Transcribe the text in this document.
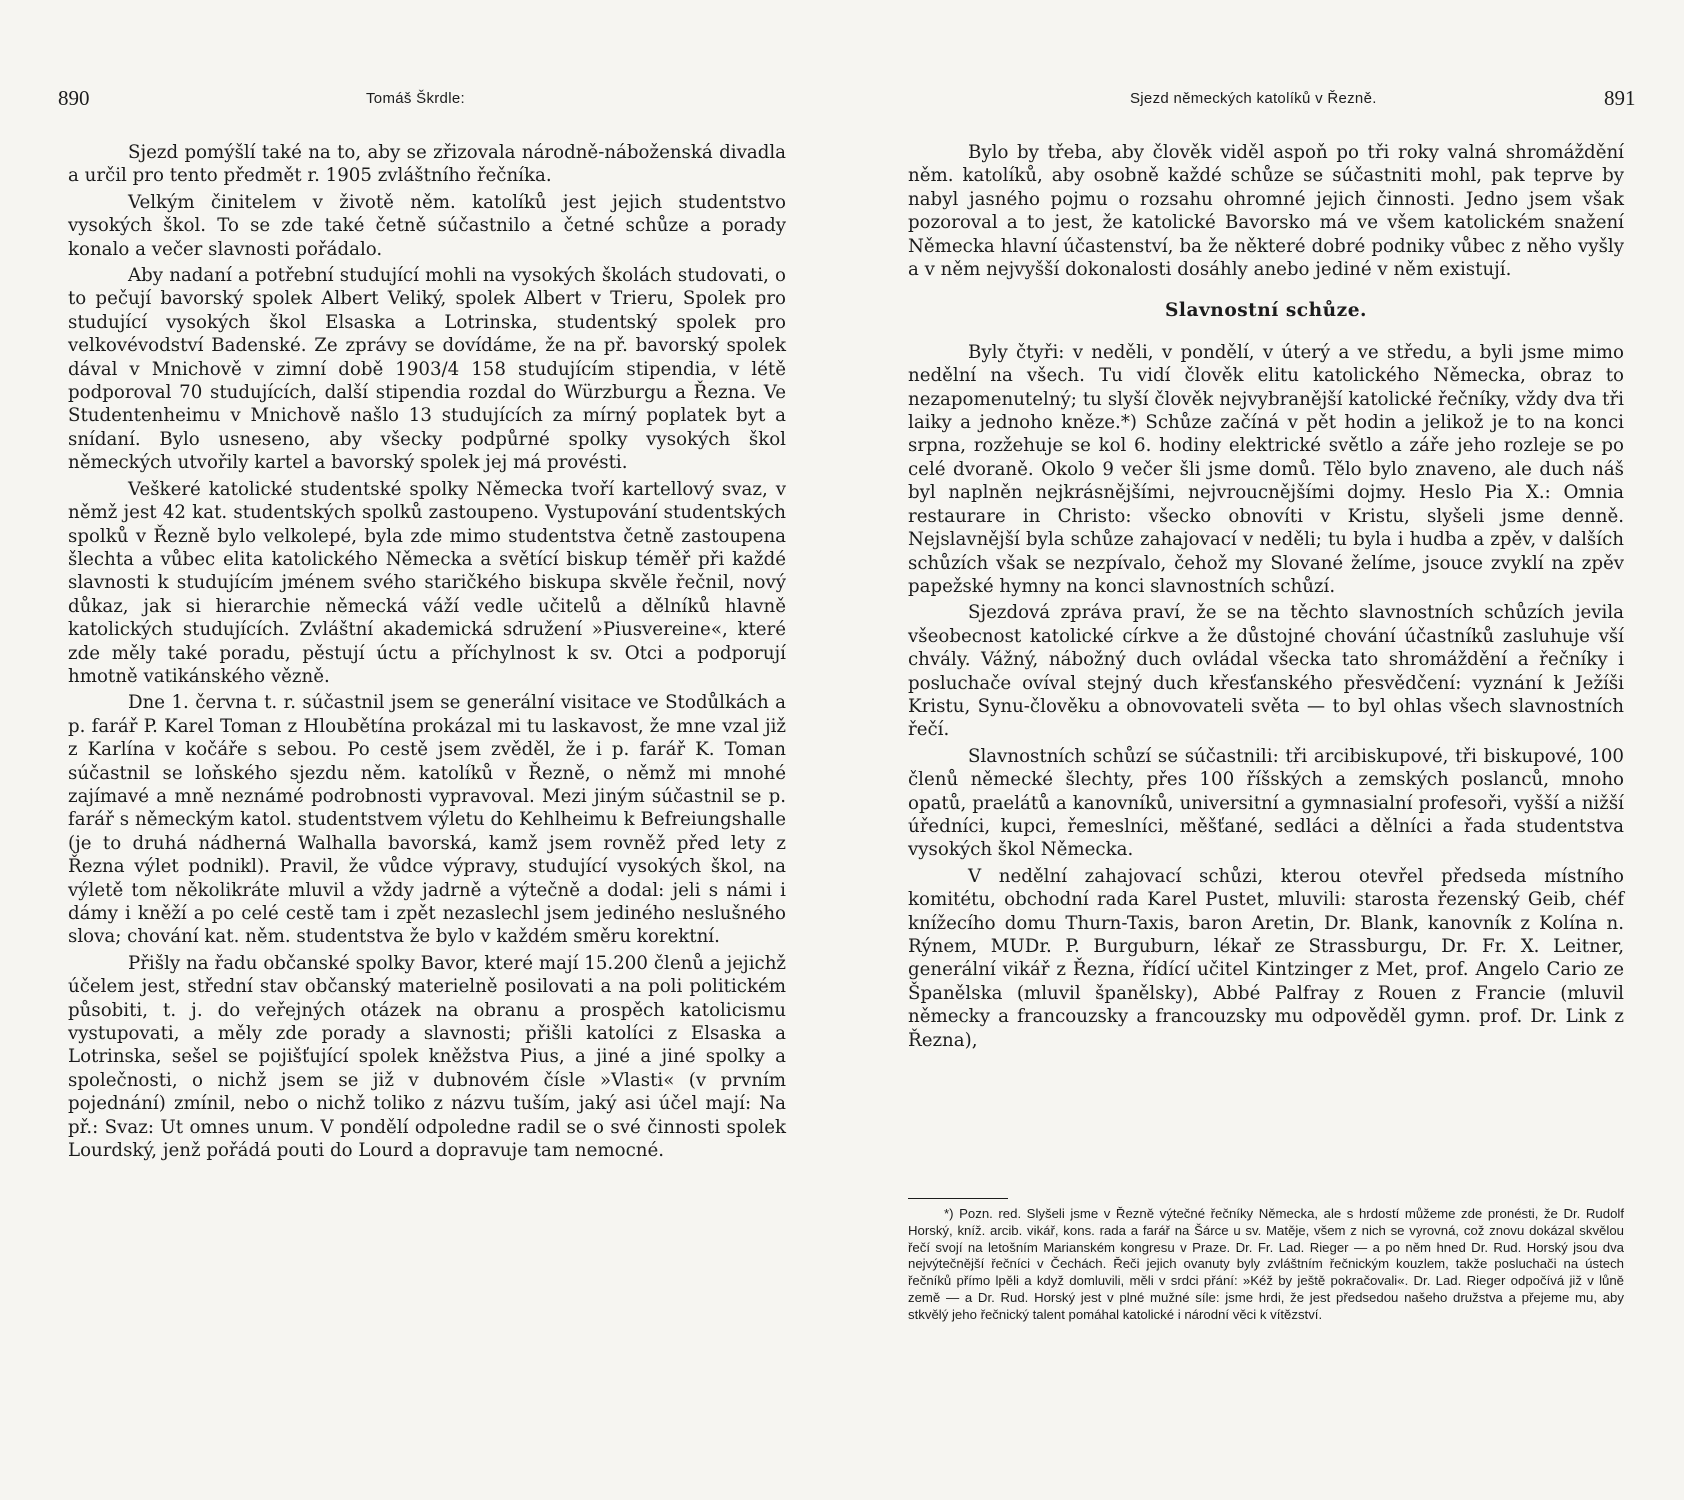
890	Tomáš Škrdle:

Sjezd pomýšlí také na to, aby se zřizovala národně-náboženská divadla a určil pro tento předmět r. 1905 zvláštního řečníka.

Velkým činitelem v životě něm. katolíků jest jejich studentstvo vysokých škol. To se zde také četně súčastnilo a četné schůze a porady konalo a večer slavnosti pořádalo.

Aby nadaní a potřební studující mohli na vysokých školách studovati, o to pečují bavorský spolek Albert Veliký, spolek Albert v Trieru, Spolek pro studující vysokých škol Elsaska a Lotrinska, studentský spolek pro velkovévodství Badenské. Ze zprávy se dovídáme, že na př. bavorský spolek dával v Mnichově v zimní době 1903/4 158 studujícím stipendia, v létě podporoval 70 studujících, další stipendia rozdal do Würzburgu a Řezna. Ve Studentenheimu v Mnichově našlo 13 studujících za mírný poplatek byt a snídaní. Bylo usneseno, aby všecky podpůrné spolky vysokých škol německých utvořily kartel a bavorský spolek jej má provésti.

Veškeré katolické studentské spolky Německa tvoří kartellový svaz, v němž jest 42 kat. studentských spolků zastoupeno. Vystupování studentských spolků v Řezně bylo velkolepé, byla zde mimo studentstva četně zastoupena šlechta a vůbec elita katolického Německa a světící biskup téměř při každé slavnosti k studujícím jménem svého staričkého biskupa skvěle řečnil, nový důkaz, jak si hierarchie německá váží vedle učitelů a dělníků hlavně katolických studujících. Zvláštní akademická sdružení »Piusvereine«, které zde měly také poradu, pěstují úctu a příchylnost k sv. Otci a podporují hmotně vatikánského vězně.

Dne 1. června t. r. súčastnil jsem se generální visitace ve Stodůlkách a p. farář P. Karel Toman z Hloubětína prokázal mi tu laskavost, že mne vzal již z Karlína v kočáře s sebou. Po cestě jsem zvěděl, že i p. farář K. Toman súčastnil se loňského sjezdu něm. katolíků v Řezně, o němž mi mnohé zajímavé a mně neznámé podrobnosti vypravoval. Mezi jiným súčastnil se p. farář s německým katol. studentstvem výletu do Kehlheimu k Befreiungshalle (je to druhá nádherná Walhalla bavorská, kamž jsem rovněž před lety z Řezna výlet podnikl). Pravil, že vůdce výpravy, studující vysokých škol, na výletě tom několikráte mluvil a vždy jadrně a výtečně a dodal: jeli s námi i dámy i kněží a po celé cestě tam i zpět nezaslechl jsem jediného neslušného slova; chování kat. něm. studentstva že bylo v každém směru korektní.

Přišly na řadu občanské spolky Bavor, které mají 15.200 členů a jejichž účelem jest, střední stav občanský materielně posilovati a na poli politickém působiti, t. j. do veřejných otázek na obranu a prospěch katolicismu vystupovati, a měly zde porady a slavnosti; přišli katolíci z Elsaska a Lotrinska, sešel se pojišťující spolek kněžstva Pius, a jiné a jiné spolky a společnosti, o nichž jsem se již v dubnovém čísle »Vlasti« (v prvním pojednání) zmínil, nebo o nichž toliko z názvu tuším, jaký asi účel mají: Na př.: Svaz: Ut omnes unum. V pondělí odpoledne radil se o své činnosti spolek Lourdský, jenž pořádá pouti do Lourd a dopravuje tam nemocné.

Sjezd německých katolíků v Řezně.	891

Bylo by třeba, aby člověk viděl aspoň po tři roky valná shromáždění něm. katolíků, aby osobně každé schůze se súčastniti mohl, pak teprve by nabyl jasného pojmu o rozsahu ohromné jejich činnosti. Jedno jsem však pozoroval a to jest, že katolické Bavorsko má ve všem katolickém snažení Německa hlavní účastenství, ba že některé dobré podniky vůbec z něho vyšly a v něm nejvyšší dokonalosti dosáhly anebo jediné v něm existují.

Slavnostní schůze.

Byly čtyři: v neděli, v pondělí, v úterý a ve středu, a byli jsme mimo nedělní na všech. Tu vidí člověk elitu katolického Německa, obraz to nezapomenutelný; tu slyší člověk nejvybranější katolické řečníky, vždy dva tři laiky a jednoho kněze.*) Schůze začíná v pět hodin a jelikož je to na konci srpna, rozžehuje se kol 6. hodiny elektrické světlo a záře jeho rozleje se po celé dvoraně. Okolo 9 večer šli jsme domů. Tělo bylo znaveno, ale duch náš byl naplněn nejkrásnějšími, nejvroucnějšími dojmy. Heslo Pia X.: Omnia restaurare in Christo: všecko obnovíti v Kristu, slyšeli jsme denně. Nejslavnější byla schůze zahajovací v neděli; tu byla i hudba a zpěv, v dalších schůzích však se nezpívalo, čehož my Slované želíme, jsouce zvyklí na zpěv papežské hymny na konci slavnostních schůzí.

Sjezdová zpráva praví, že se na těchto slavnostních schůzích jevila všeobecnost katolické církve a že důstojné chování účastníků zasluhuje vší chvály. Vážný, nábožný duch ovládal všecka tato shromáždění a řečníky i posluchače ovíval stejný duch křesťanského přesvědčení: vyznání k Ježíši Kristu, Synu-člověku a obnovovateli světa — to byl ohlas všech slavnostních řečí.

Slavnostních schůzí se súčastnili: tři arcibiskupové, tři biskupové, 100 členů německé šlechty, přes 100 říšských a zemských poslanců, mnoho opatů, praelátů a kanovníků, universitní a gymnasialní profesoři, vyšší a nižší úředníci, kupci, řemeslníci, měšťané, sedláci a dělníci a řada studentstva vysokých škol Německa.

V nedělní zahajovací schůzi, kterou otevřel předseda místního komitétu, obchodní rada Karel Pustet, mluvili: starosta řezenský Geib, chéf knížecího domu Thurn-Taxis, baron Aretin, Dr. Blank, kanovník z Kolína n. Rýnem, MUDr. P. Burguburn, lékař ze Strassburgu, Dr. Fr. X. Leitner, generální vikář z Řezna, řídící učitel Kintzinger z Met, prof. Angelo Cario ze Španělska (mluvil španělsky), Abbé Palfray z Rouen z Francie (mluvil německy a francouzsky a francouzsky mu odpověděl gymn. prof. Dr. Link z Řezna),

*) Pozn. red. Slyšeli jsme v Řezně výtečné řečníky Německa, ale s hrdostí můžeme zde pronésti, že Dr. Rudolf Horský, kníž. arcib. vikář, kons. rada a farář na Šárce u sv. Matěje, všem z nich se vyrovná, což znovu dokázal skvělou řečí svojí na letošním Marianském kongresu v Praze. Dr. Fr. Lad. Rieger — a po něm hned Dr. Rud. Horský jsou dva nejvýtečnější řečníci v Čechách. Řeči jejich ovanuty byly zvláštním řečnickým kouzlem, takže posluchači na ústech řečníků přímo lpěli a když domluvili, měli v srdci přání: »Kéž by ještě pokračovali«. Dr. Lad. Rieger odpočívá již v lůně země — a Dr. Rud. Horský jest v plné mužné síle: jsme hrdi, že jest předsedou našeho družstva a přejeme mu, aby stkvělý jeho řečnický talent pomáhal katolické i národní věci k vítězství.
